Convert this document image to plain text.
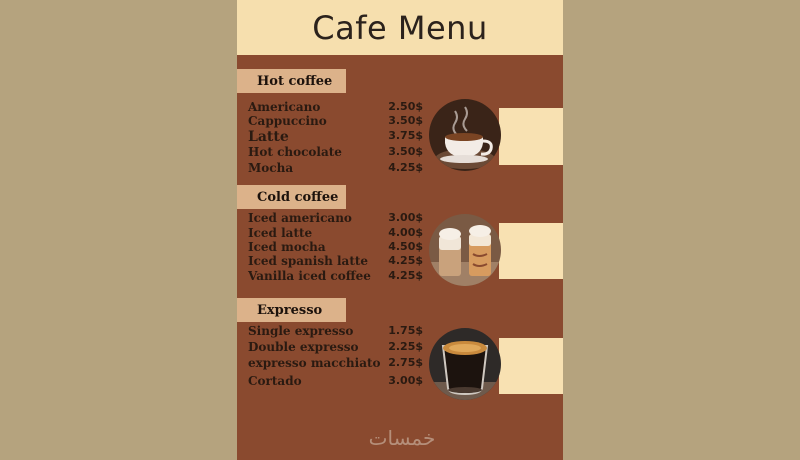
Cafe Menu
Hot coffee
Americano	2.50$
Cappuccino	3.50$
Latte	3.75$
Hot chocolate	3.50$
Mocha	4.25$
Cold coffee
Iced americano	3.00$
Iced latte	4.00$
Iced mocha	4.50$
Iced spanish latte 4.25$
Vanilla iced coffee 4.25$
Expresso
Single expresso	1.75$
Double expresso	2.25$
expresso macchiato 2.75$
Cortado	3.00$
خمسات
